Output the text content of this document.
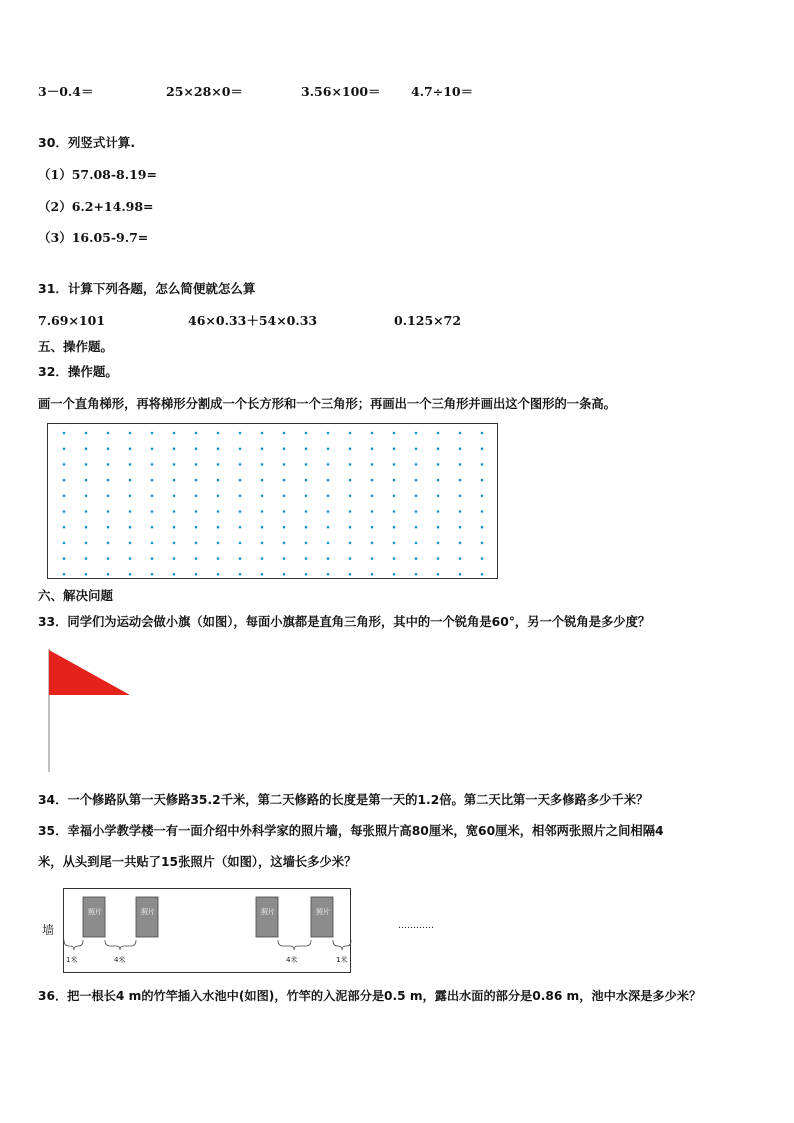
3－0.4＝	25×28×0＝	3.56×100＝ 4.7÷10＝
30．列竖式计算.
（1）57.08-8.19=
（2）6.2+14.98=
（3）16.05-9.7=
31．计算下列各题，怎么简便就怎么算
7.69×101	46×0.33＋54×0.33	0.125×72
五、操作题。
32．操作题。
画一个直角梯形，再将梯形分割成一个长方形和一个三角形；再画出一个三角形并画出这个图形的一条高。
六、解决问题
33．同学们为运动会做小旗（如图），每面小旗都是直角三角形，其中的一个锐角是60°，另一个锐角是多少度？
34．一个修路队第一天修路35.2千米，第二天修路的长度是第一天的1.2倍。第二天比第一天多修路多少千米？
35．幸福小学教学楼一有一面介绍中外科学家的照片墙，每张照片高80厘米，宽60厘米，相邻两张照片之间相隔4
米，从头到尾一共贴了15张照片（如图），这墙长多少米？
墙
照片	照片	照片	照片
1米	4米	4米	1米
…………
36．把一根长4 m的竹竿插入水池中(如图)，竹竿的入泥部分是0.5 m，露出水面的部分是0.86 m，池中水深是多少米？
